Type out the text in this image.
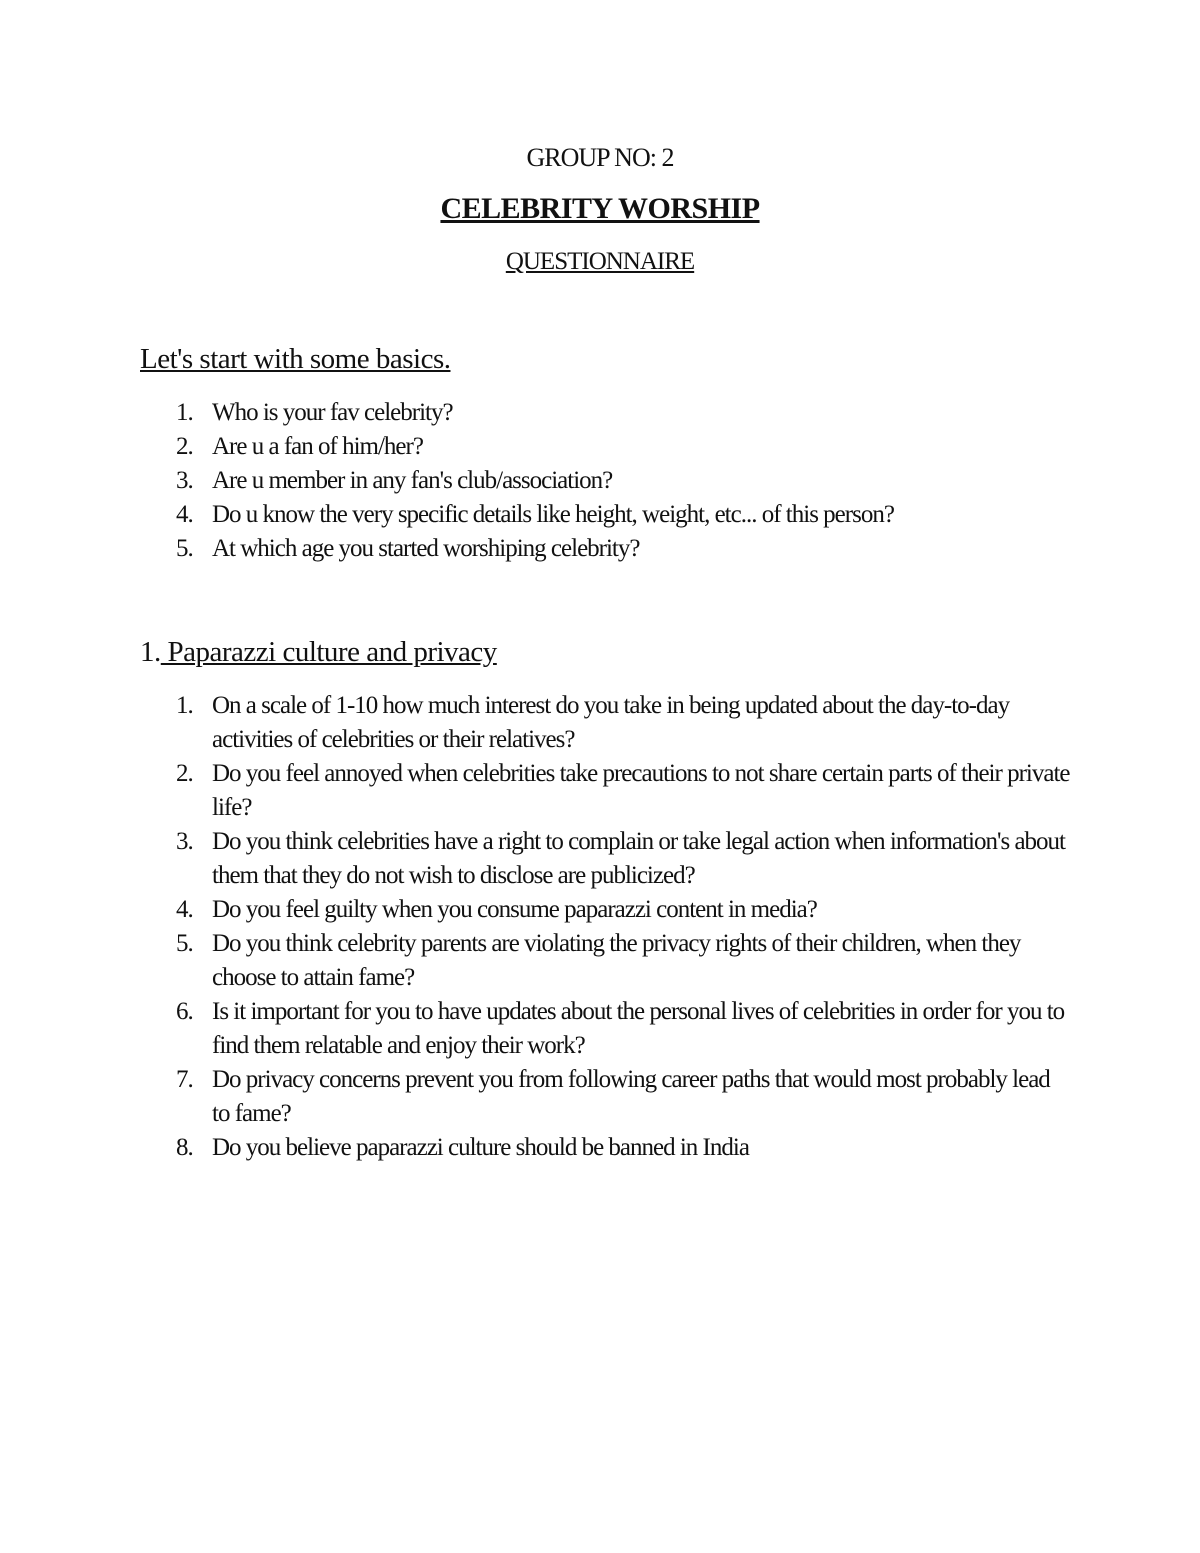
GROUP NO: 2
CELEBRITY WORSHIP
QUESTIONNAIRE
Let's start with some basics.
1. Who is your fav celebrity?
2. Are u a fan of him/her?
3. Are u member in any fan's club/association?
4. Do u know the very specific details like height, weight, etc... of this person?
5. At which age you started worshiping celebrity?
1. Paparazzi culture and privacy
1. On a scale of 1-10 how much interest do you take in being updated about the day-to-day activities of celebrities or their relatives?
2. Do you feel annoyed when celebrities take precautions to not share certain parts of their private life?
3. Do you think celebrities have a right to complain or take legal action when information's about them that they do not wish to disclose are publicized?
4. Do you feel guilty when you consume paparazzi content in media?
5. Do you think celebrity parents are violating the privacy rights of their children, when they choose to attain fame?
6. Is it important for you to have updates about the personal lives of celebrities in order for you to find them relatable and enjoy their work?
7. Do privacy concerns prevent you from following career paths that would most probably lead to fame?
8. Do you believe paparazzi culture should be banned in India
